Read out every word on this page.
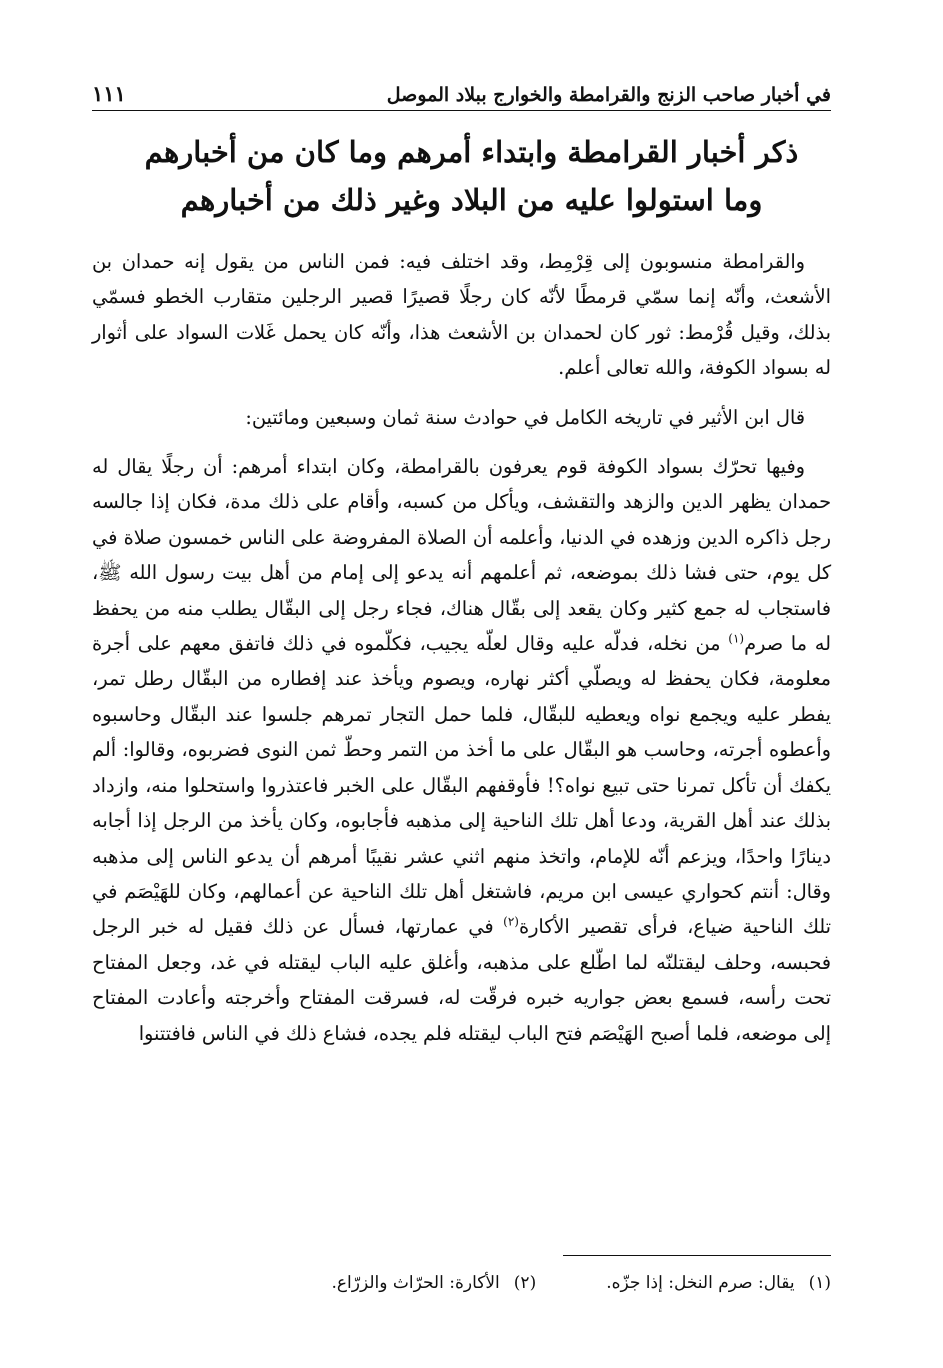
في أخبار صاحب الزنج والقرامطة والخوارج ببلاد الموصل
١١١
ذكر أخبار القرامطة وابتداء أمرهم وما كان من أخبارهم
وما استولوا عليه من البلاد وغير ذلك من أخبارهم

والقرامطة منسوبون إلى قِرْمِط، وقد اختلف فيه: فمن الناس من يقول إنه حمدان بن الأشعث، وأنّه إنما سمّي قرمطًا لأنّه كان رجلًا قصيرًا قصير الرجلين متقارب الخطو فسمّي بذلك، وقيل قُرْمط: ثور كان لحمدان بن الأشعث هذا، وأنّه كان يحمل غَلات السواد على أثوار له بسواد الكوفة، والله تعالى أعلم.

قال ابن الأثير في تاريخه الكامل في حوادث سنة ثمان وسبعين ومائتين:

وفيها تحرّك بسواد الكوفة قوم يعرفون بالقرامطة، وكان ابتداء أمرهم: أن رجلًا يقال له حمدان يظهر الدين والزهد والتقشف، ويأكل من كسبه، وأقام على ذلك مدة، فكان إذا جالسه رجل ذاكره الدين وزهده في الدنيا، وأعلمه أن الصلاة المفروضة على الناس خمسون صلاة في كل يوم، حتى فشا ذلك بموضعه، ثم أعلمهم أنه يدعو إلى إمام من أهل بيت رسول الله ﷺ، فاستجاب له جمع كثير وكان يقعد إلى بقّال هناك، فجاء رجل إلى البقّال يطلب منه من يحفظ له ما صرم$^{(١)}$ من نخله، فدلّه عليه وقال لعلّه يجيب، فكلّموه في ذلك فاتفق معهم على أجرة معلومة، فكان يحفظ له ويصلّي أكثر نهاره، ويصوم ويأخذ عند إفطاره من البقّال رطل تمر، يفطر عليه ويجمع نواه ويعطيه للبقّال، فلما حمل التجار تمرهم جلسوا عند البقّال وحاسبوه وأعطوه أجرته، وحاسب هو البقّال على ما أخذ من التمر وحطّ ثمن النوى فضربوه، وقالوا: ألم يكفك أن تأكل تمرنا حتى تبيع نواه؟! فأوقفهم البقّال على الخبر فاعتذروا واستحلوا منه، وازداد بذلك عند أهل القرية، ودعا أهل تلك الناحية إلى مذهبه فأجابوه، وكان يأخذ من الرجل إذا أجابه دينارًا واحدًا، ويزعم أنّه للإمام، واتخذ منهم اثني عشر نقيبًا أمرهم أن يدعو الناس إلى مذهبه وقال: أنتم كحواري عيسى ابن مريم، فاشتغل أهل تلك الناحية عن أعمالهم، وكان للهَيْصَم في تلك الناحية ضياع، فرأى تقصير الأكارة$^{(٢)}$ في عمارتها، فسأل عن ذلك فقيل له خبر الرجل فحبسه، وحلف ليقتلنّه لما اطّلع على مذهبه، وأغلق عليه الباب ليقتله في غد، وجعل المفتاح تحت رأسه، فسمع بعض جواريه خبره فرقّت له، فسرقت المفتاح وأخرجته وأعادت المفتاح إلى موضعه، فلما أصبح الهَيْصَم فتح الباب ليقتله فلم يجده، فشاع ذلك في الناس فافتتنوا

(١)يقال: صرم النخل: إذا جزّه.
(٢)الأكارة: الحرّاث والزرّاع.
